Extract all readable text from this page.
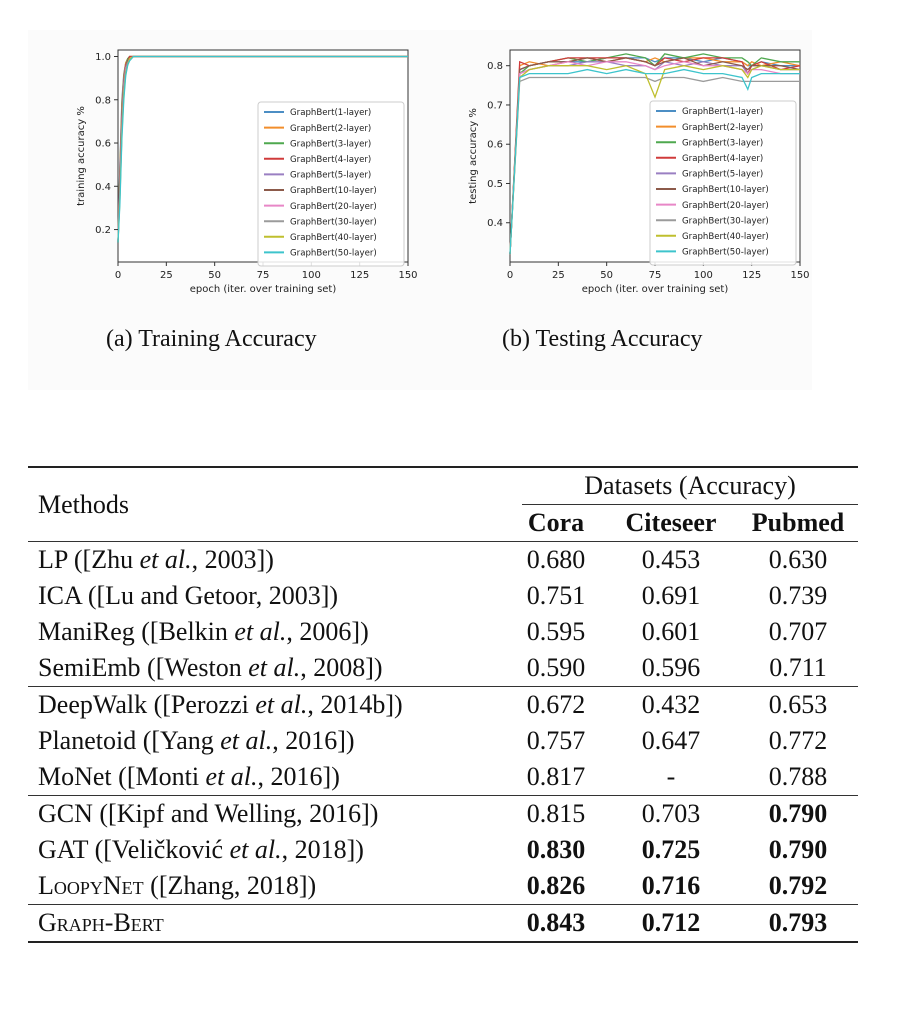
0	25	50	75	100	125	150
0.2
0.4
0.6
0.8
1.0
epoch (iter. over training set)
training accuracy %	GraphBert(1-layer)
GraphBert(2-layer)
GraphBert(3-layer)
GraphBert(4-layer)
GraphBert(5-layer)
GraphBert(10-layer)
GraphBert(20-layer)
GraphBert(30-layer)
GraphBert(40-layer)
GraphBert(50-layer)
0	25	50	75	100	125	150
0.4
0.5
0.6
0.7
0.8
epoch (iter. over training set)
testing accuracy %	GraphBert(1-layer)
GraphBert(2-layer)
GraphBert(3-layer)
GraphBert(4-layer)
GraphBert(5-layer)
GraphBert(10-layer)
GraphBert(20-layer)
GraphBert(30-layer)
GraphBert(40-layer)
GraphBert(50-layer)
(a) Training Accuracy	(b) Testing Accuracy
Methods	Datasets (Accuracy)		

	Cora	Citeseer	Pubmed
LP ([Zhu et al., 2003])	0.680	0.453	0.630
ICA ([Lu and Getoor, 2003])	0.751	0.691	0.739
ManiReg ([Belkin et al., 2006])	0.595	0.601	0.707
SemiEmb ([Weston et al., 2008])	0.590	0.596	0.711
DeepWalk ([Perozzi et al., 2014b])	0.672	0.432	0.653
Planetoid ([Yang et al., 2016])	0.757	0.647	0.772
MoNet ([Monti et al., 2016])	0.817	-	0.788
GCN ([Kipf and Welling, 2016])	0.815	0.703	0.790
GAT ([Veličković et al., 2018])	0.830	0.725	0.790
LoopyNet ([Zhang, 2018])	0.826	0.716	0.792
Graph-Bert	0.843	0.712	0.793
